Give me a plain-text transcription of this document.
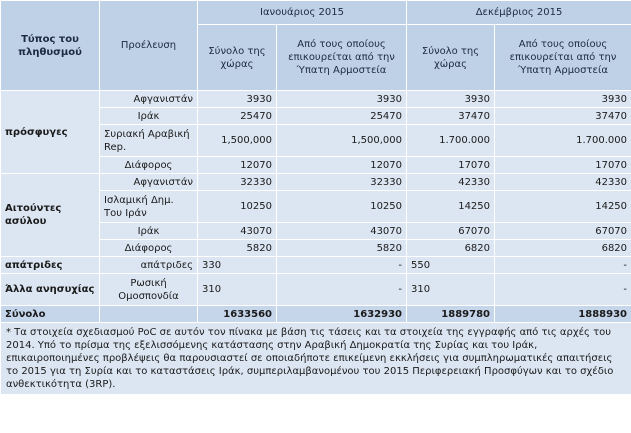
Τύπος του πληθυσμού	Προέλευση	Ιανουάριος 2015		Δεκέμβριος 2015	
		Σύνολο της χώρας	Από τους οποίους επικουρείται από την Ύπατη Αρμοστεία	Σύνολο της χώρας	Από τους οποίους επικουρείται από την Ύπατη Αρμοστεία
πρόσφυγες	Αφγανιστάν	3930	3930	3930	3930
	Ιράκ	25470	25470	37470	37470
	Συριακή Αραβική Rep.	1,500,000	1,500,000	1.700.000	1.700.000
	Διάφορος	12070	12070	17070	17070
Αιτούντες ασύλου	Αφγανιστάν	32330	32330	42330	42330
	Ισλαμική Δημ. Του Ιράν	10250	10250	14250	14250
	Ιράκ	43070	43070	67070	67070
	Διάφορος	5820	5820	6820	6820
απάτριδες	απάτριδες	330	-	550	-
Άλλα ανησυχίας	Ρωσική Ομοσπονδία	310	-	310	-
Σύνολο		1633560	1632930	1889780	1888930
* Τα στοιχεία σχεδιασμού PoC σε αυτόν τον πίνακα με βάση τις τάσεις και τα στοιχεία της εγγραφής από τις αρχές του 2014. Υπό το πρίσμα της εξελισσόμενης κατάστασης στην Αραβική Δημοκρατία της Συρίας και του Ιράκ, επικαιροποιημένες προβλέψεις θα παρουσιαστεί σε οποιαδήποτε επικείμενη εκκλήσεις για συμπληρωματικές απαιτήσεις το 2015 για τη Συρία και το καταστάσεις Ιράκ, συμπεριλαμβανομένου του 2015 Περιφερειακή Προσφύγων και το σχέδιο ανθεκτικότητα (3RP).					
